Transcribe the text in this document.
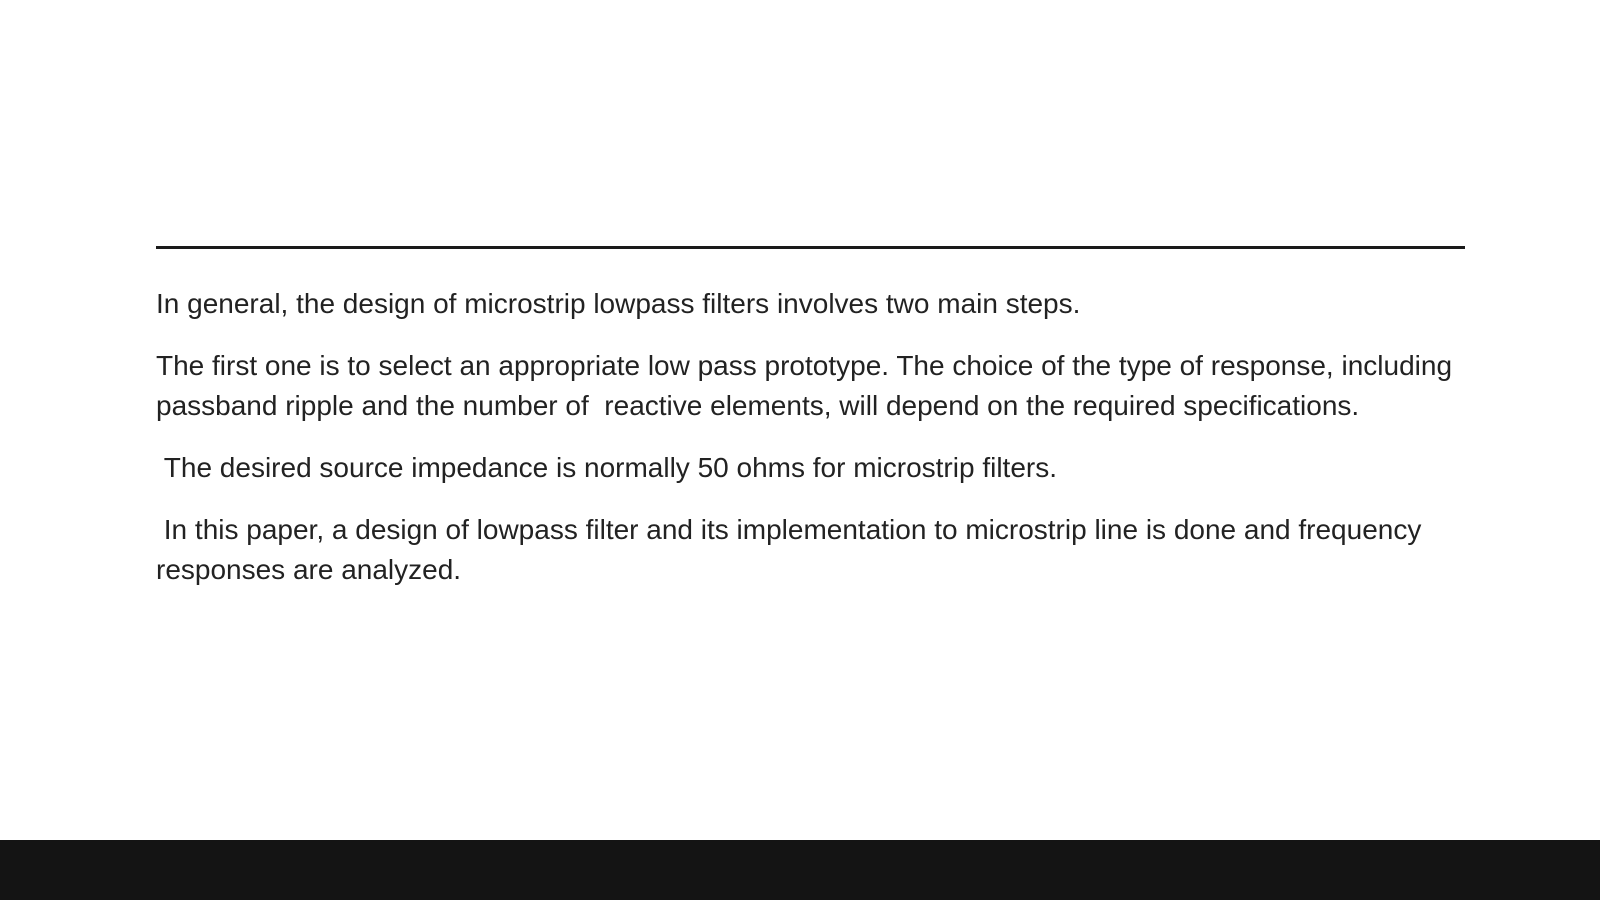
In general, the design of microstrip lowpass filters involves two main steps.

The first one is to select an appropriate low pass prototype. The choice of the type of response, including passband ripple and the number of  reactive elements, will depend on the required specifications.

The desired source impedance is normally 50 ohms for microstrip filters.

In this paper, a design of lowpass filter and its implementation to microstrip line is done and frequency responses are analyzed.
